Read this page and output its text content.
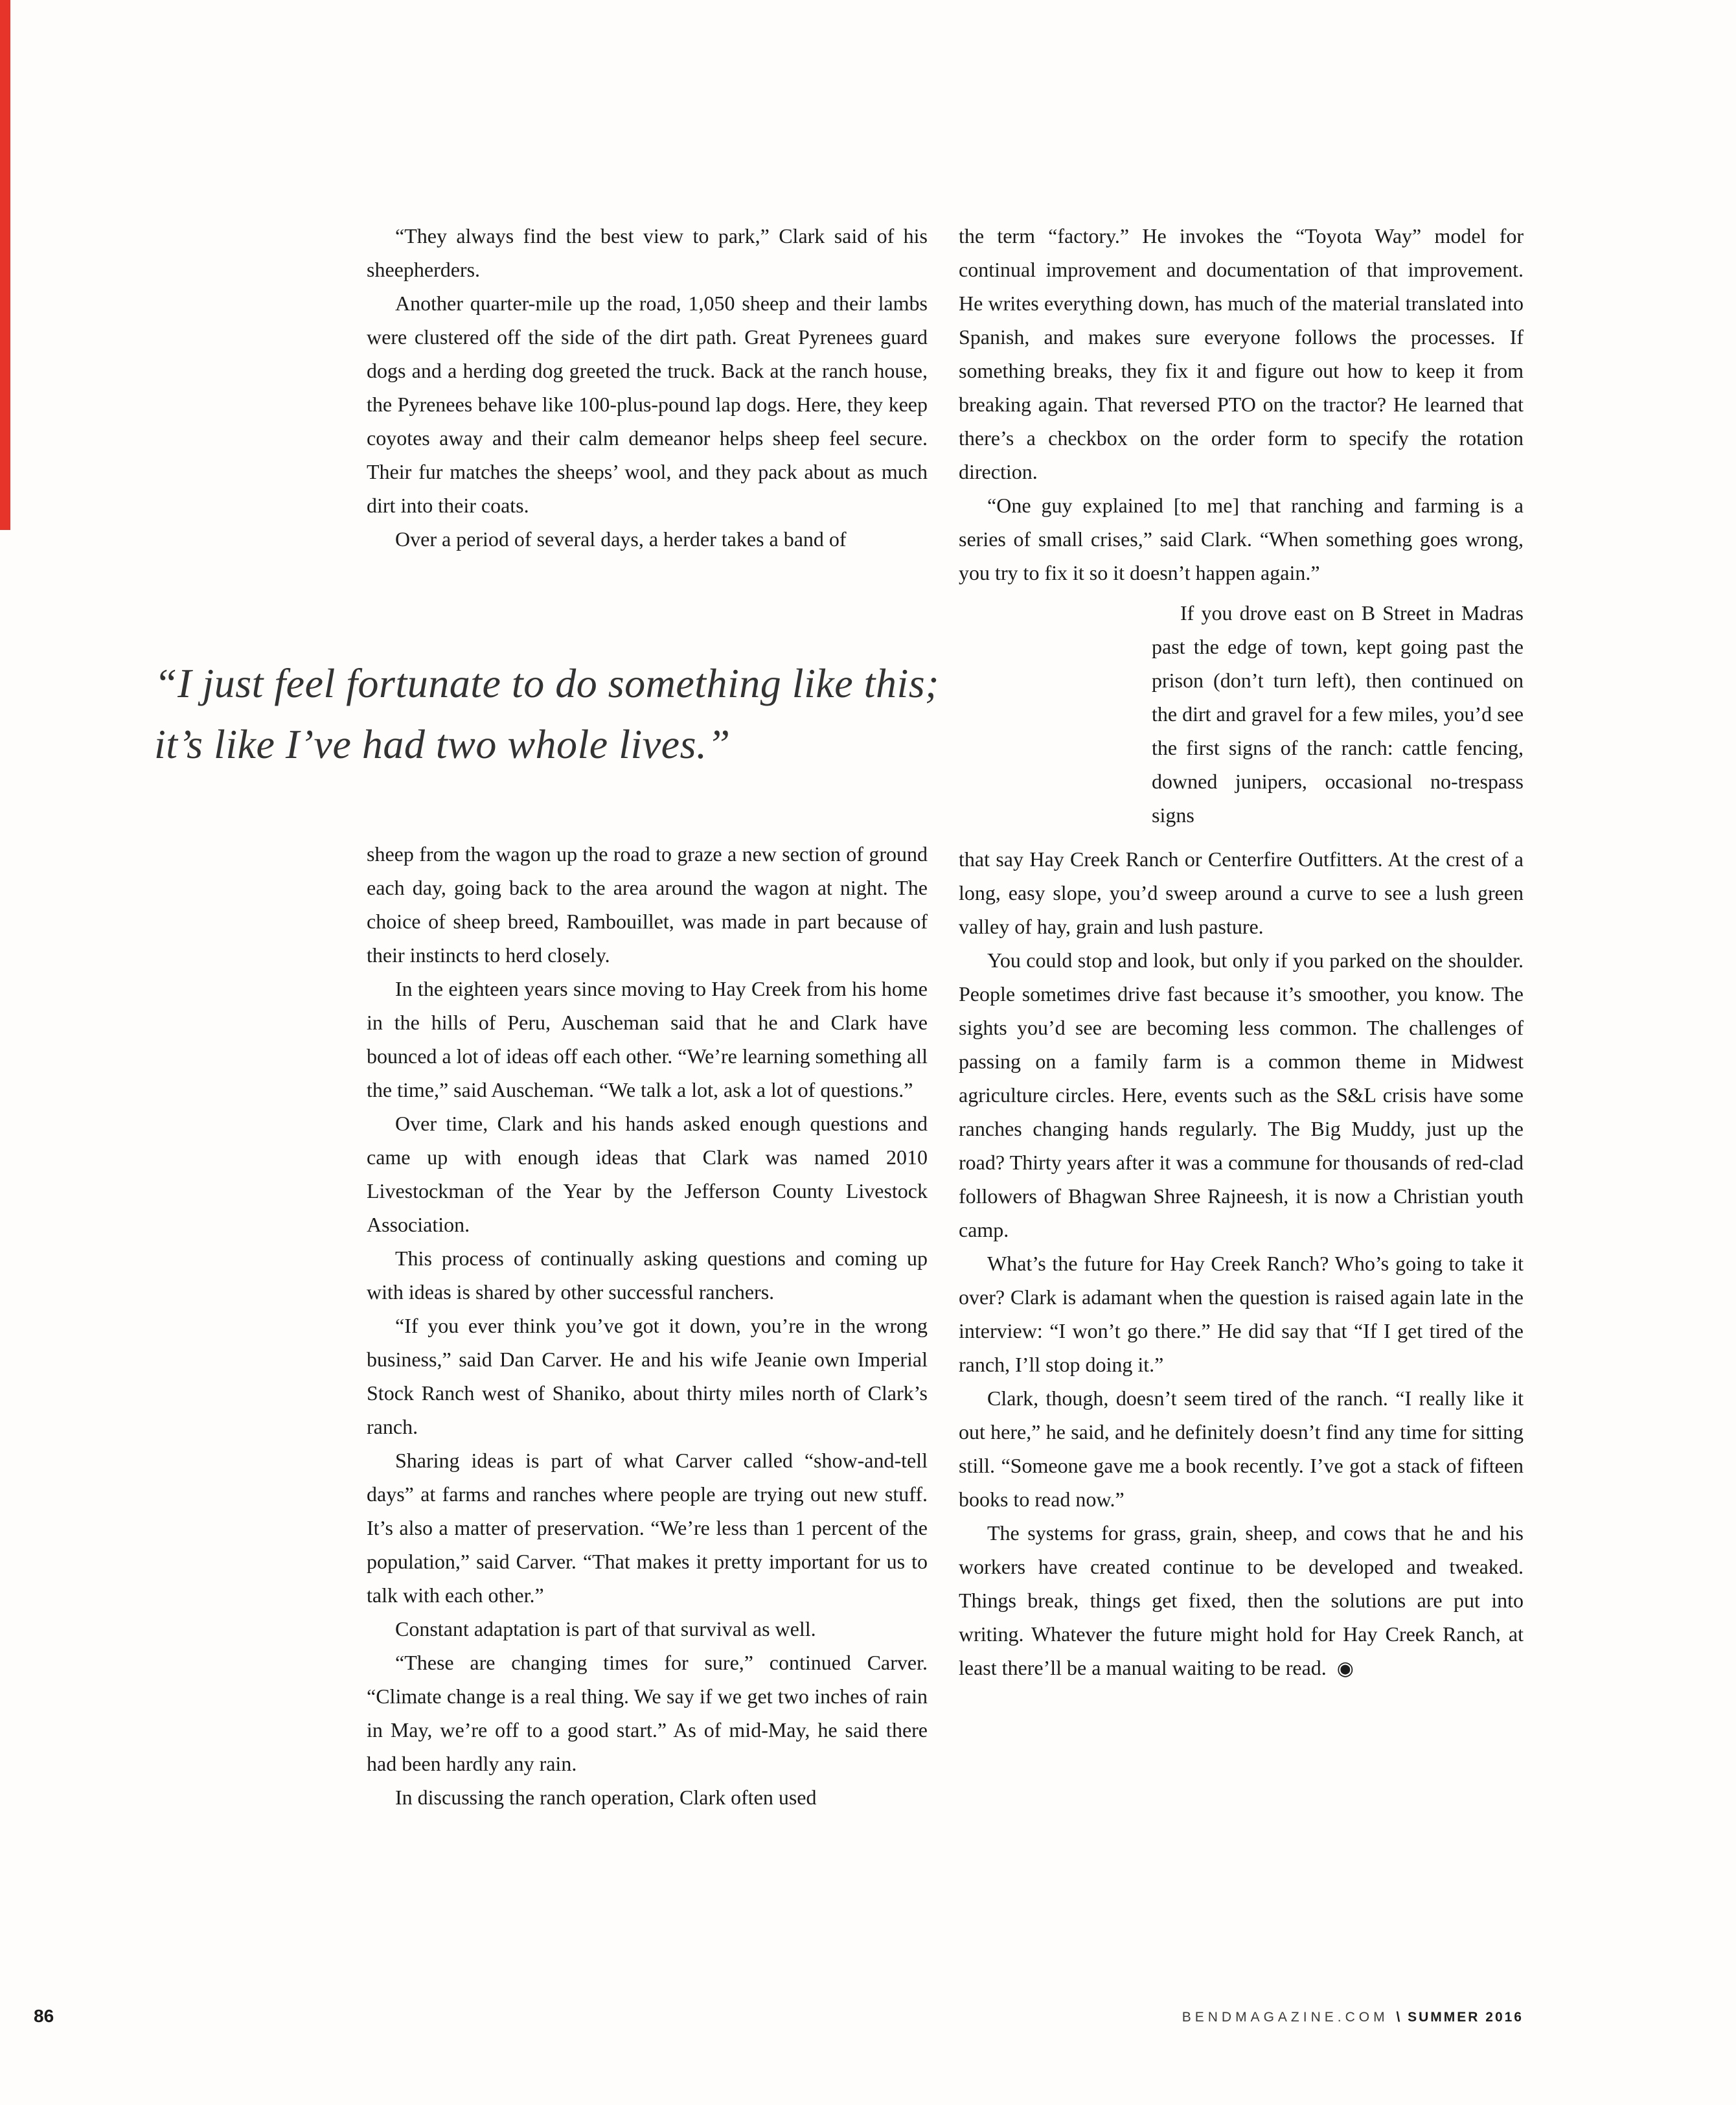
“They always find the best view to park,” Clark said of his sheepherders.

Another quarter-mile up the road, 1,050 sheep and their lambs were clustered off the side of the dirt path. Great Pyrenees guard dogs and a herding dog greeted the truck. Back at the ranch house, the Pyrenees behave like 100-plus-pound lap dogs. Here, they keep coyotes away and their calm demeanor helps sheep feel secure. Their fur matches the sheeps’ wool, and they pack about as much dirt into their coats.

Over a period of several days, a herder takes a band of

the term “factory.” He invokes the “Toyota Way” model for continual improvement and documentation of that improvement. He writes everything down, has much of the material translated into Spanish, and makes sure everyone follows the processes. If something breaks, they fix it and figure out how to keep it from breaking again. That reversed PTO on the tractor? He learned that there’s a checkbox on the order form to specify the rotation direction.

“One guy explained [to me] that ranching and farming is a series of small crises,” said Clark. “When something goes wrong, you try to fix it so it doesn’t happen again.”

“I just feel fortunate to do something like this;
it’s like I’ve had two whole lives.”

If you drove east on B Street in Madras past the edge of town, kept going past the prison (don’t turn left), then continued on the dirt and gravel for a few miles, you’d see the first signs of the ranch: cattle fencing, downed junipers, occasional no-trespass signs

sheep from the wagon up the road to graze a new section of ground each day, going back to the area around the wagon at night. The choice of sheep breed, Rambouillet, was made in part because of their instincts to herd closely.

In the eighteen years since moving to Hay Creek from his home in the hills of Peru, Auscheman said that he and Clark have bounced a lot of ideas off each other. “We’re learning something all the time,” said Auscheman. “We talk a lot, ask a lot of questions.”

Over time, Clark and his hands asked enough questions and came up with enough ideas that Clark was named 2010 Livestockman of the Year by the Jefferson County Livestock Association.

This process of continually asking questions and coming up with ideas is shared by other successful ranchers.

“If you ever think you’ve got it down, you’re in the wrong business,” said Dan Carver. He and his wife Jeanie own Imperial Stock Ranch west of Shaniko, about thirty miles north of Clark’s ranch.

Sharing ideas is part of what Carver called “show-and-tell days” at farms and ranches where people are trying out new stuff. It’s also a matter of preservation. “We’re less than 1 percent of the population,” said Carver. “That makes it pretty important for us to talk with each other.”

Constant adaptation is part of that survival as well.

“These are changing times for sure,” continued Carver. “Climate change is a real thing. We say if we get two inches of rain in May, we’re off to a good start.” As of mid-May, he said there had been hardly any rain.

In discussing the ranch operation, Clark often used

that say Hay Creek Ranch or Centerfire Outfitters. At the crest of a long, easy slope, you’d sweep around a curve to see a lush green valley of hay, grain and lush pasture.

You could stop and look, but only if you parked on the shoulder. People sometimes drive fast because it’s smoother, you know. The sights you’d see are becoming less common. The challenges of passing on a family farm is a common theme in Midwest agriculture circles. Here, events such as the S&L crisis have some ranches changing hands regularly. The Big Muddy, just up the road? Thirty years after it was a commune for thousands of red-clad followers of Bhagwan Shree Rajneesh, it is now a Christian youth camp.

What’s the future for Hay Creek Ranch? Who’s going to take it over? Clark is adamant when the question is raised again late in the interview: “I won’t go there.” He did say that “If I get tired of the ranch, I’ll stop doing it.”

Clark, though, doesn’t seem tired of the ranch. “I really like it out here,” he said, and he definitely doesn’t find any time for sitting still. “Someone gave me a book recently. I’ve got a stack of fifteen books to read now.”

The systems for grass, grain, sheep, and cows that he and his workers have created continue to be developed and tweaked. Things break, things get fixed, then the solutions are put into writing. Whatever the future might hold for Hay Creek Ranch, at least there’ll be a manual waiting to be read. ◉

86	BENDMAGAZINE.COM \ SUMMER 2016
